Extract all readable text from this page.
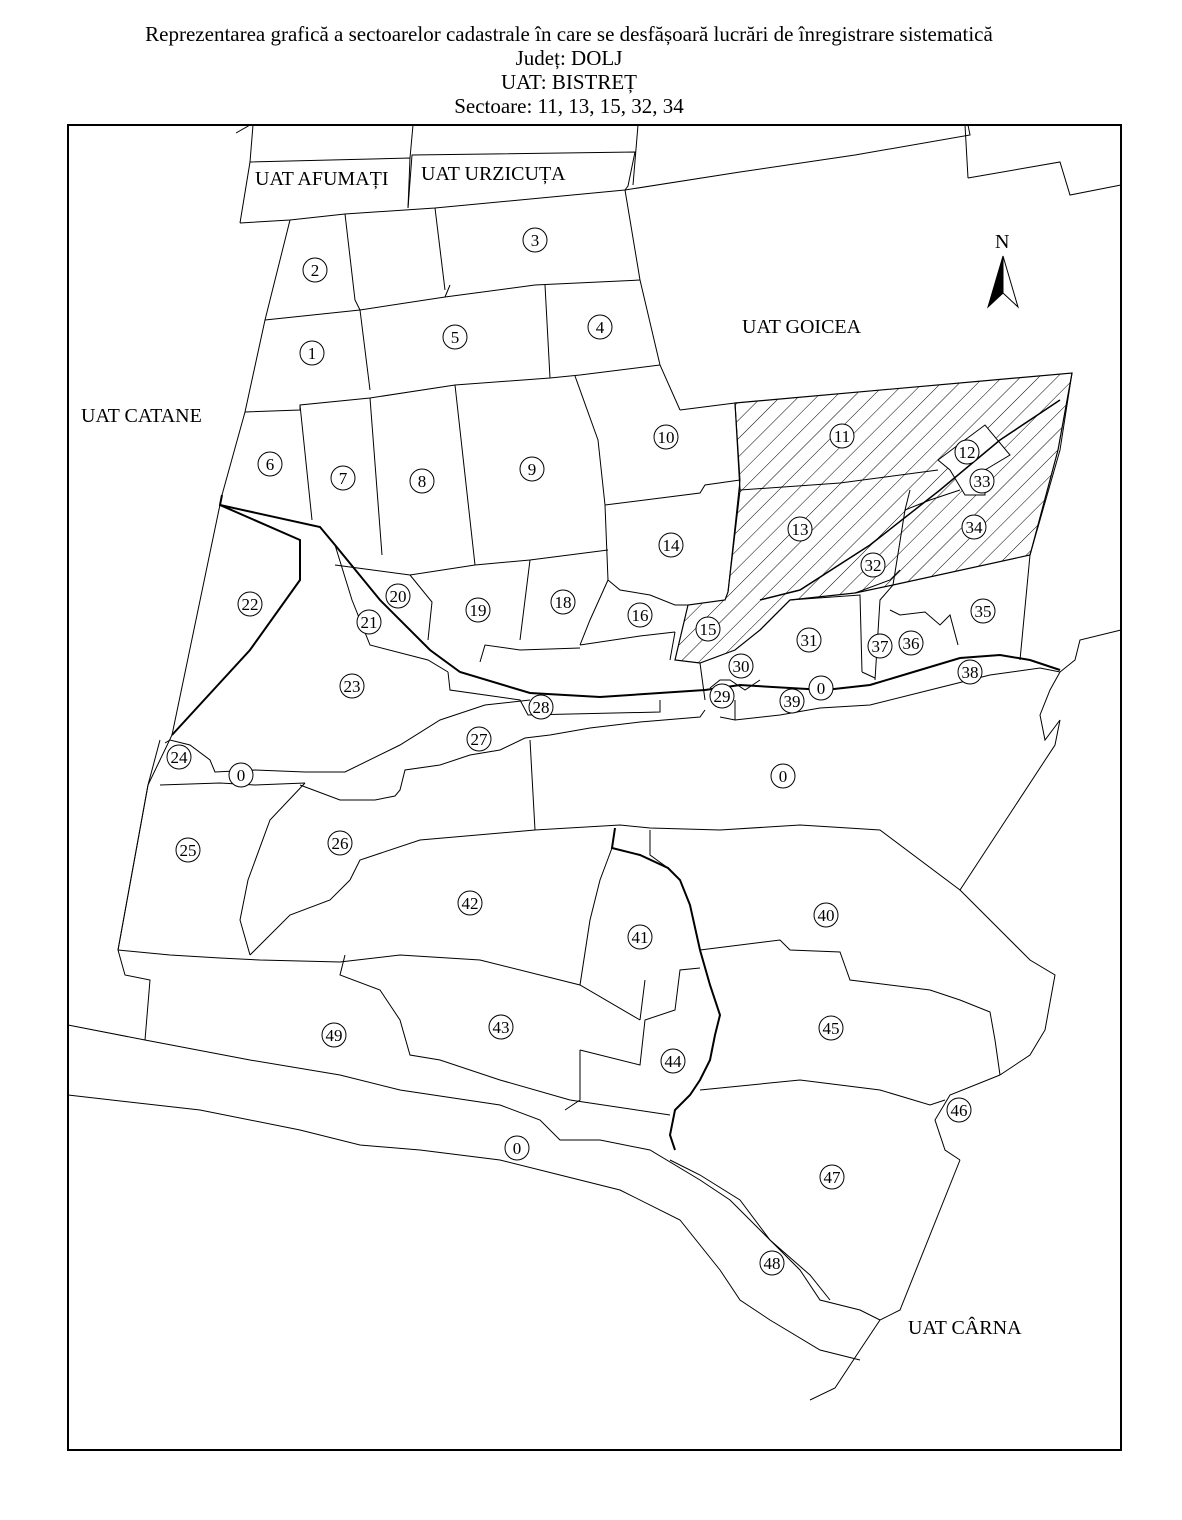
Reprezentarea grafică a sectoarelor cadastrale în care se desfășoară lucrări de înregistrare sistematică
Județ: DOLJ
UAT: BISTREȚ
Sectoare: 11, 13, 15, 32, 34
UAT AFUMAȚI UAT URZICUȚA
UAT GOICEA
UAT CATANE
UAT CÂRNA
N
1
2
3
4
5
6
7	8
9
10	11
12
33
13	34
14
32
35
20
22
21
19	18
16
15
31	37 36
38
30
0
29	39
23
28
27
24
0	0
25	26
42
40
41
43	45
49
44
46
0
47
48
